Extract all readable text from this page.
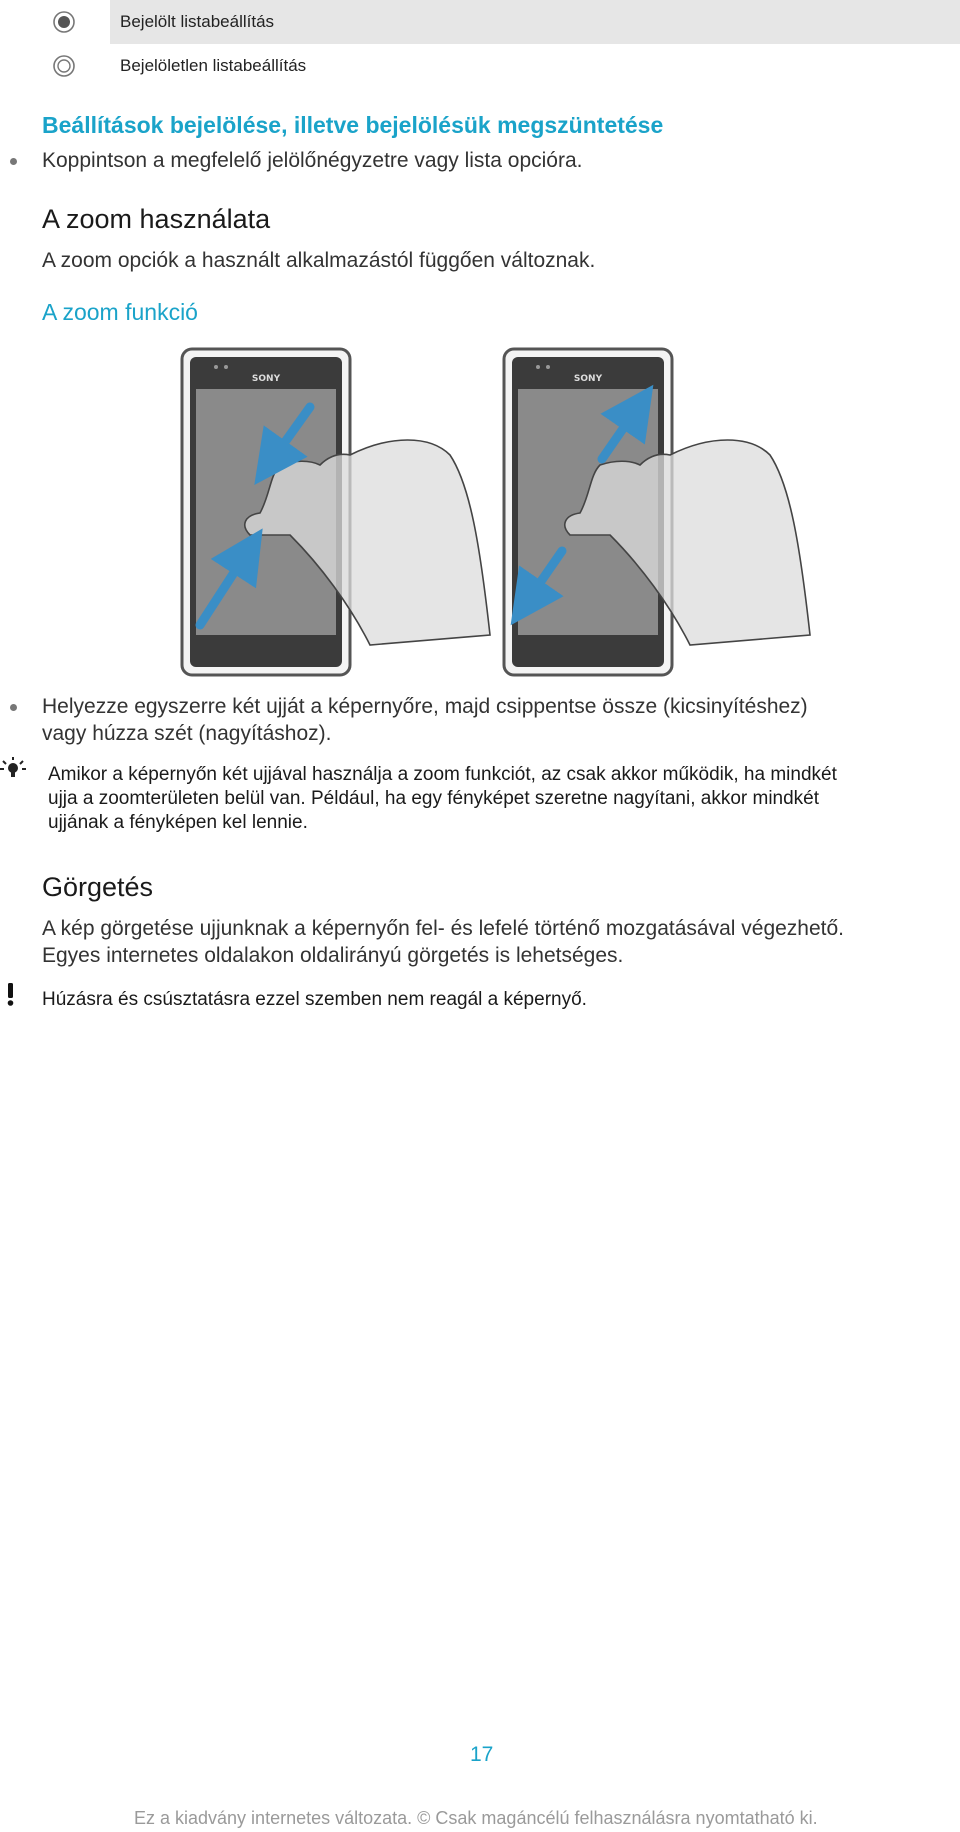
Bejelölt listabeállítás
Bejelöletlen listabeállítás
Beállítások bejelölése, illetve bejelölésük megszüntetése
Koppintson a megfelelő jelölőnégyzetre vagy lista opcióra.
A zoom használata
A zoom opciók a használt alkalmazástól függően változnak.
A zoom funkció
SONY	SONY
Helyezze egyszerre két ujját a képernyőre, majd csippentse össze (kicsinyítéshez)
vagy húzza szét (nagyításhoz).
Amikor a képernyőn két ujjával használja a zoom funkciót, az csak akkor működik, ha mindkét
ujja a zoomterületen belül van. Például, ha egy fényképet szeretne nagyítani, akkor mindkét
ujjának a fényképen kel lennie.
Görgetés
A kép görgetése ujjunknak a képernyőn fel- és lefelé történő mozgatásával végezhető.
Egyes internetes oldalakon oldalirányú görgetés is lehetséges.
Húzásra és csúsztatásra ezzel szemben nem reagál a képernyő.
17
Ez a kiadvány internetes változata. © Csak magáncélú felhasználásra nyomtatható ki.
